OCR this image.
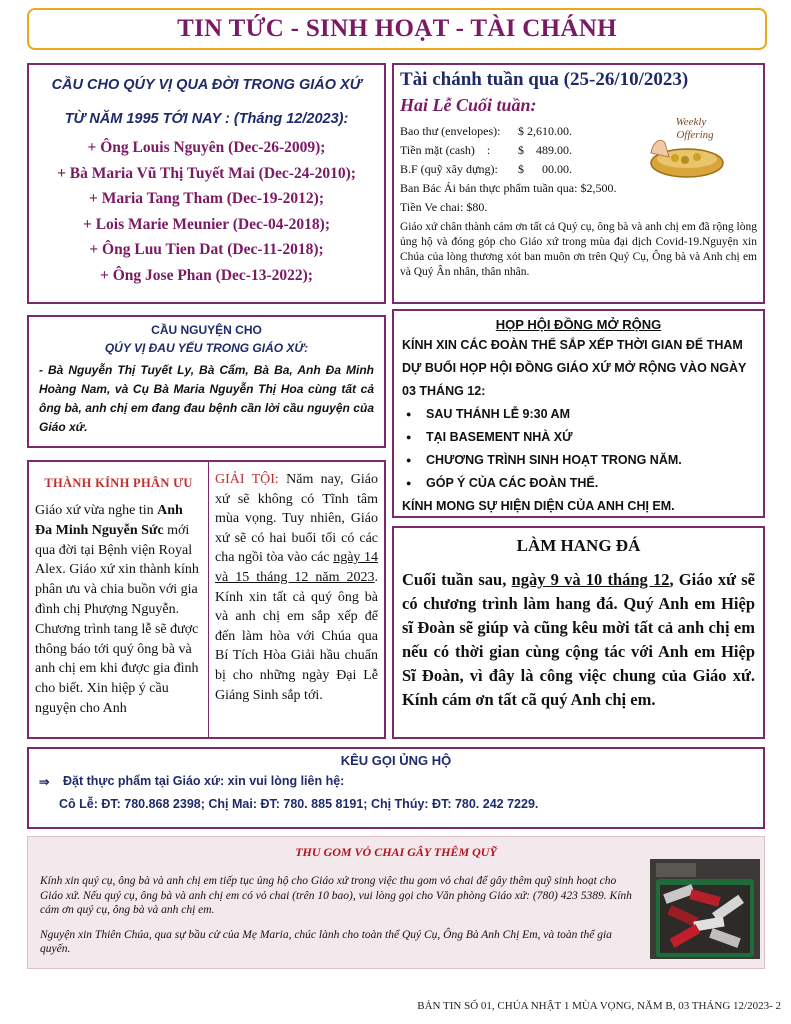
TIN TỨC - SINH HOẠT - TÀI CHÁNH
CẦU CHO QÚY VỊ QUA ĐỜI TRONG GIÁO XỨ
TỪ NĂM 1995 TỚI NAY : (Tháng 12/2023):
+ Ông Louis Nguyên (Dec-26-2009);
+ Bà Maria Vũ Thị Tuyết Mai (Dec-24-2010);
+ Maria Tang Tham (Dec-19-2012);
+ Lois Marie Meunier (Dec-04-2018);
+ Ông Luu Tien Dat (Dec-11-2018);
+ Ông Jose Phan (Dec-13-2022);
Tài chánh tuần qua (25-26/10/2023)
Hai Lễ Cuối tuần:
Bao thư (envelopes):	$ 2,610.00.
Tiền mặt (cash)    :	$    489.00.
B.F (quỹ xây dựng):	$      00.00.
Ban Bác Ái bán thực phẩm tuần qua: $2,500.
Tiền Ve chai: $80.
Giáo xứ chân thành cám ơn tất cả Quý cụ, ông bà và anh chị em đã rộng lòng ủng hộ và đóng góp cho Giáo xứ trong mùa đại dịch Covid-19.Nguyện xin Chúa của lòng thương xót ban muôn ơn trên Quý Cụ, Ông bà và Anh chị em và Quý Ân nhân, thân nhân.
Weekly
Offering
CẦU NGUYỆN CHO
QÚY VỊ ĐAU YẾU TRONG GIÁO XỨ:
- Bà Nguyễn Thị Tuyết Ly, Bà Cẩm, Bà Ba, Anh Đa Minh Hoàng Nam, và Cụ Bà Maria Nguyễn Thị Hoa cùng tất cả ông bà, anh chị em đang đau bệnh cần lời cầu nguyện của Giáo xứ.
HỌP HỘI ĐỒNG MỞ RỘNG
KÍNH XIN CÁC ĐOÀN THỂ SẮP XẾP THỜI GIAN ĐỂ THAM DỰ BUỔI HỌP HỘI ĐỒNG GIÁO XỨ MỞ RỘNG VÀO NGÀY 03 THÁNG 12:
● SAU THÁNH LỄ 9:30 AM
● TẠI BASEMENT NHÀ XỨ
● CHƯƠNG TRÌNH SINH HOẠT TRONG NĂM.
● GÓP Ý CỦA CÁC ĐOÀN THỂ.
KÍNH MONG SỰ HIỆN DIỆN CỦA ANH CHỊ EM.
THÀNH KÍNH PHÂN ƯU
Giáo xứ vừa nghe tin Anh Đa Minh Nguyễn Sức mới qua đời tại Bệnh viện Royal Alex. Giáo xứ xin thành kính phân ưu và chia buồn với gia đình chị Phượng Nguyễn. Chương trình tang lễ sẽ được thông báo tới quý ông bà và anh chị em khi được gia đình cho biết. Xin hiệp ý cầu nguyện cho Anh
GIẢI TỘI: Năm nay, Giáo xứ sẽ không có Tĩnh tâm mùa vọng. Tuy nhiên, Giáo xứ sẽ có hai buổi tối có các cha ngồi tòa vào các ngày 14 và 15 tháng 12 năm 2023. Kính xin tất cả quý ông bà và anh chị em sắp xếp để đến làm hòa với Chúa qua Bí Tích Hòa Giải hầu chuẩn bị cho những ngày Đại Lễ Giáng Sinh sắp tới.
LÀM HANG ĐÁ
Cuối tuần sau, ngày 9 và 10 tháng 12, Giáo xứ sẽ có chương trình làm hang đá. Quý Anh em Hiệp sĩ Đoàn sẽ giúp và cũng kêu mời tất cả anh chị em nếu có thời gian cùng cộng tác với Anh em Hiệp Sĩ Đoàn, vì đây là công việc chung của Giáo xứ. Kính cám ơn tất cã quý Anh chị em.
KÊU GỌI ỦNG HỘ
⇒	Đặt thực phẩm tại Giáo xứ: xin vui lòng liên hệ:
Cô Lễ: ĐT: 780.868 2398; Chị Mai: ĐT: 780. 885 8191; Chị Thúy: ĐT: 780. 242 7229.
THU GOM VỎ CHAI GÂY THÊM QUỸ
Kính xin quý cụ, ông bà và anh chị em tiếp tục ủng hộ cho Giáo xứ trong việc thu gom vỏ chai để gây thêm quỹ sinh hoạt cho Giáo xứ. Nếu quý cụ, ông bà và anh chị em có vỏ chai (trên 10 bao), vui lòng gọi cho Văn phòng Giáo xứ: (780) 423 5389. Kính cám ơn quý cụ, ông bà và anh chị em.
Nguyện xin Thiên Chúa, qua sự bầu cử của Mẹ Maria, chúc lành cho toàn thể Quý Cụ, Ông Bà Anh Chị Em, và toàn thể gia quyến.
BẢN TIN SỐ 01, CHÚA NHẬT 1 MÙA VỌNG, NĂM B, 03 THÁNG 12/2023- 2
